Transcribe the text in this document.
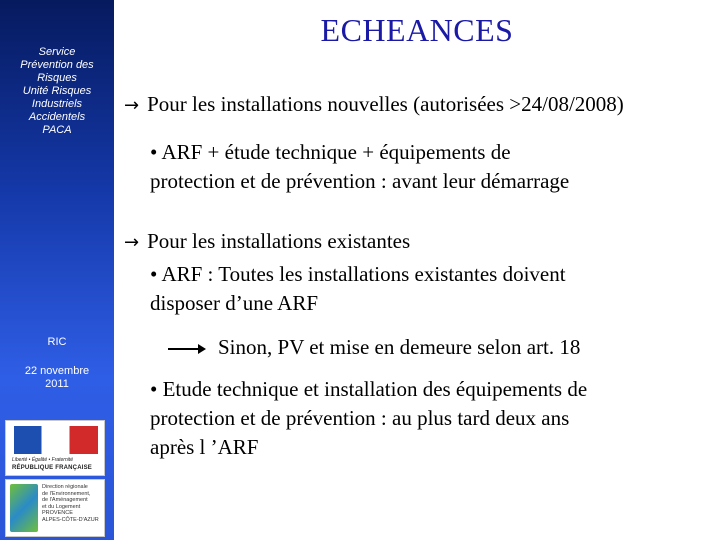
Service
Prévention des
Risques
Unité Risques
Industriels
Accidentels
PACA
RIC
22 novembre
2011
Liberté • Égalité • Fraternité
RÉPUBLIQUE FRANÇAISE
Direction régionale
de l'Environnement,
de l'Aménagement
et du Logement
PROVENCE
ALPES-CÔTE-D'AZUR
ECHEANCES
→ Pour les installations nouvelles (autorisées >24/08/2008)
• ARF + étude technique + équipements de
protection et de prévention : avant leur démarrage
→ Pour les installations existantes
• ARF : Toutes les installations existantes doivent
disposer d’une ARF
Sinon, PV et mise en demeure selon art. 18
• Etude technique et installation des équipements de
protection et de prévention : au plus tard deux ans
après l ’ARF
